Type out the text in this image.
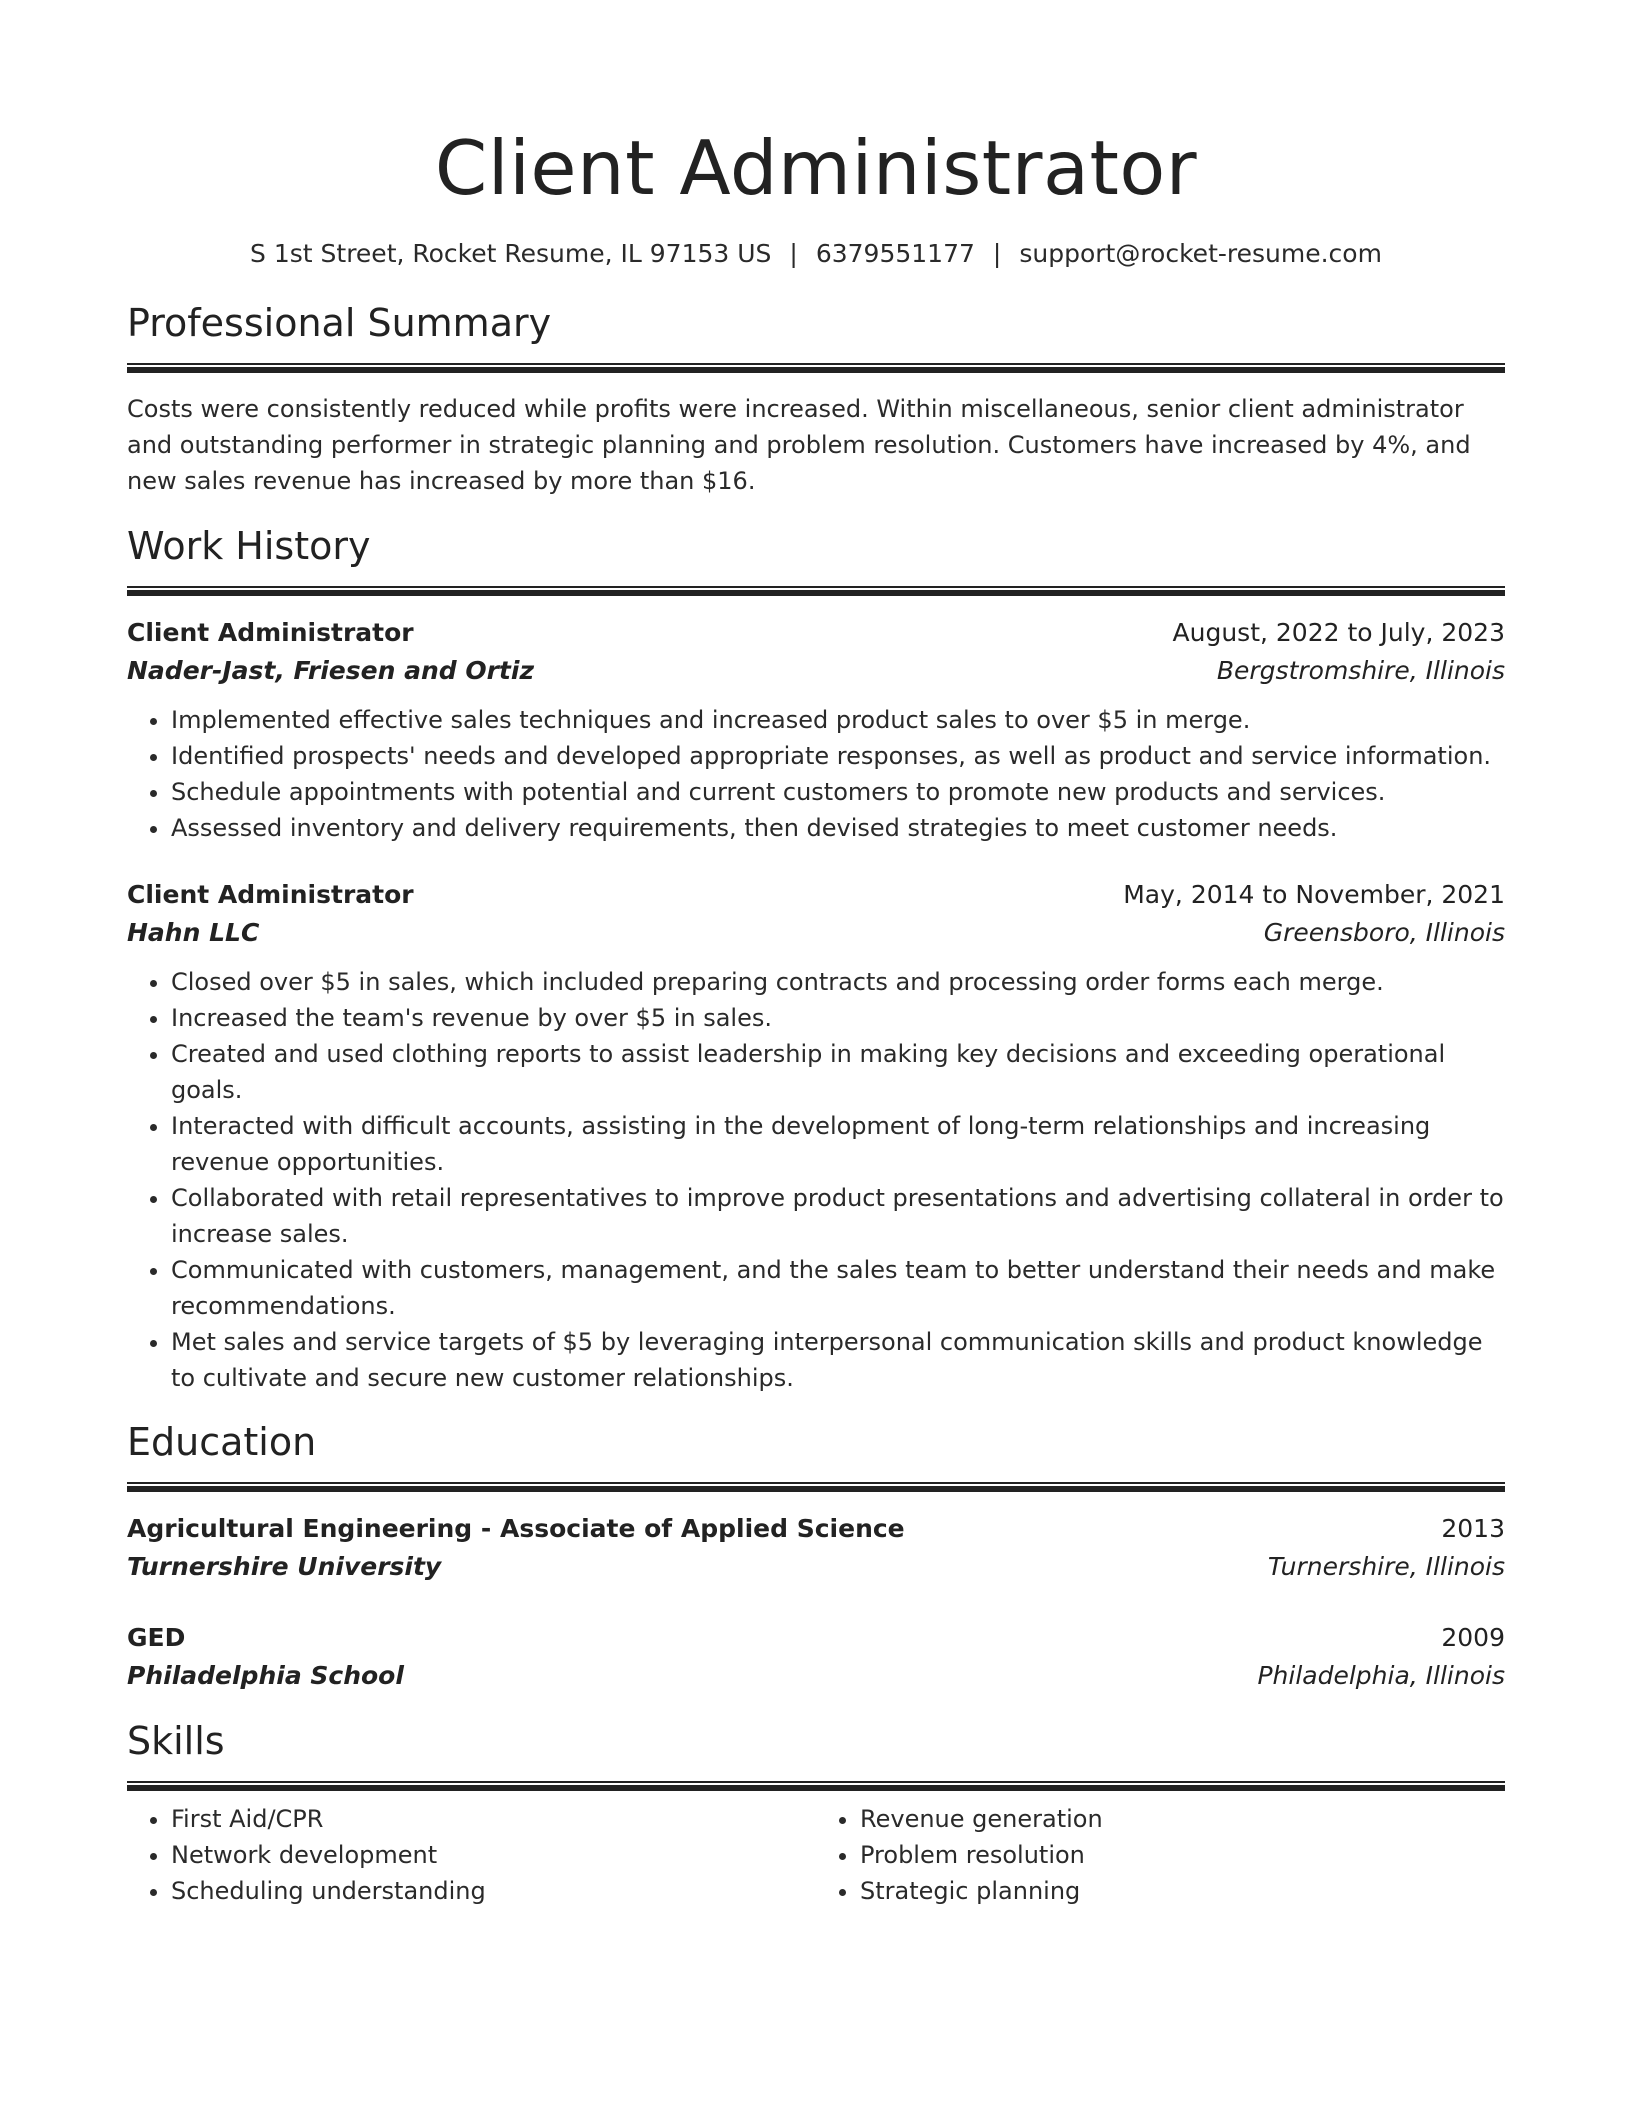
Client Administrator
S 1st Street, Rocket Resume, IL 97153 US | 6379551177 | support@rocket-resume.com
Professional Summary

Costs were consistently reduced while profits were increased. Within miscellaneous, senior client administrator and outstanding performer in strategic planning and problem resolution. Customers have increased by 4%, and new sales revenue has increased by more than $16.

Work History
Client Administrator	August, 2022 to July, 2023
Nader-Jast, Friesen and Ortiz	Bergstromshire, Illinois
• Implemented effective sales techniques and increased product sales to over $5 in merge.
• Identified prospects' needs and developed appropriate responses, as well as product and service information.
• Schedule appointments with potential and current customers to promote new products and services.
• Assessed inventory and delivery requirements, then devised strategies to meet customer needs.
Client Administrator	May, 2014 to November, 2021
Hahn LLC	Greensboro, Illinois
• Closed over $5 in sales, which included preparing contracts and processing order forms each merge.
• Increased the team's revenue by over $5 in sales.
• Created and used clothing reports to assist leadership in making key decisions and exceeding operational goals.
• Interacted with difficult accounts, assisting in the development of long-term relationships and increasing revenue opportunities.
• Collaborated with retail representatives to improve product presentations and advertising collateral in order to increase sales.
• Communicated with customers, management, and the sales team to better understand their needs and make recommendations.
• Met sales and service targets of $5 by leveraging interpersonal communication skills and product knowledge to cultivate and secure new customer relationships.
Education
Agricultural Engineering - Associate of Applied Science	2013
Turnershire University	Turnershire, Illinois
GED	2009
Philadelphia School	Philadelphia, Illinois
Skills
• First Aid/CPR
• Network development
• Scheduling understanding
• Revenue generation
• Problem resolution
• Strategic planning
